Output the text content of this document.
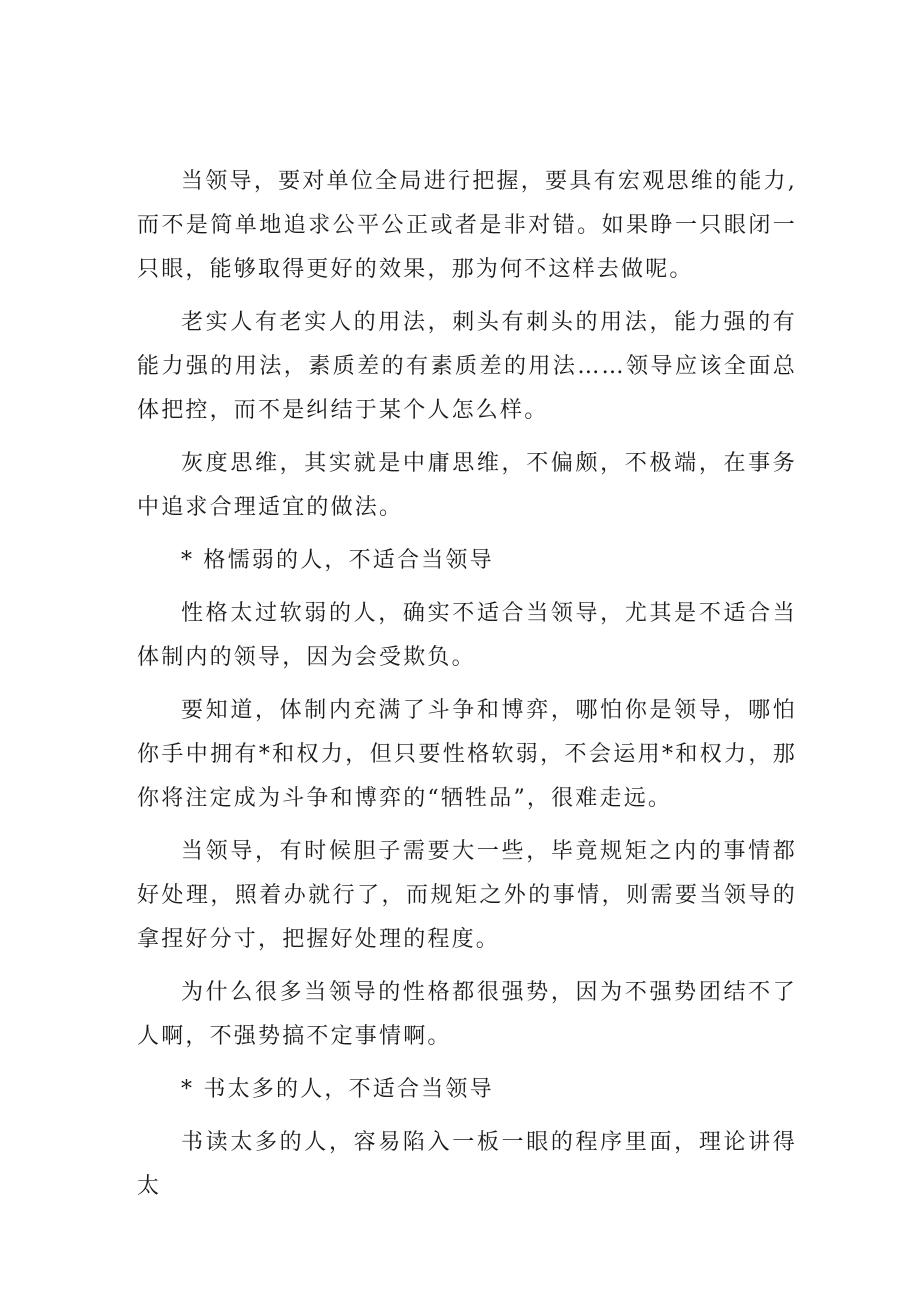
当领导，要对单位全局进行把握，要具有宏观思维的能力,而不是简单地追求公平公正或者是非对错。如果睁一只眼闭一只眼，能够取得更好的效果，那为何不这样去做呢。

老实人有老实人的用法，刺头有刺头的用法，能力强的有能力强的用法，素质差的有素质差的用法……领导应该全面总体把控，而不是纠结于某个人怎么样。

灰度思维，其实就是中庸思维，不偏颇，不极端，在事务中追求合理适宜的做法。

* 格懦弱的人，不适合当领导

性格太过软弱的人，确实不适合当领导，尤其是不适合当体制内的领导，因为会受欺负。

要知道，体制内充满了斗争和博弈，哪怕你是领导，哪怕你手中拥有*和权力，但只要性格软弱，不会运用*和权力，那你将注定成为斗争和博弈的“牺牲品”，很难走远。

当领导，有时候胆子需要大一些，毕竟规矩之内的事情都好处理，照着办就行了，而规矩之外的事情，则需要当领导的拿捏好分寸，把握好处理的程度。

为什么很多当领导的性格都很强势，因为不强势团结不了人啊，不强势搞不定事情啊。

* 书太多的人，不适合当领导

书读太多的人，容易陷入一板一眼的程序里面，理论讲得太
